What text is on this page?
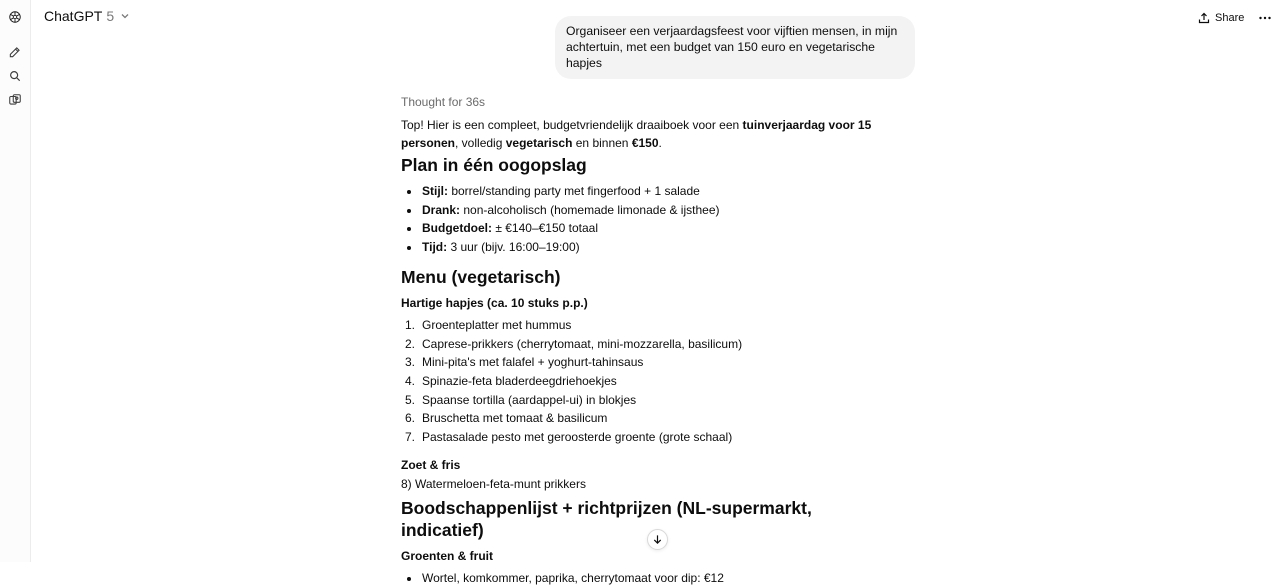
ChatGPT 5	Share
Organiseer een verjaardagsfeest voor vijftien mensen, in mijn achtertuin, met een budget van 150 euro en vegetarische hapjes
Thought for 36s

Top! Hier is een compleet, budgetvriendelijk draaiboek voor een tuinverjaardag voor 15 personen, volledig vegetarisch en binnen €150.

Plan in één oogopslag
Stijl: borrel/standing party met fingerfood + 1 salade
Drank: non-alcoholisch (homemade limonade & ijsthee)
Budgetdoel: ± €140–€150 totaal
Tijd: 3 uur (bijv. 16:00–19:00)
Menu (vegetarisch)
Hartige hapjes (ca. 10 stuks p.p.)
1. Groenteplatter met hummus
2. Caprese-prikkers (cherrytomaat, mini-mozzarella, basilicum)
3. Mini-pita's met falafel + yoghurt-tahinsaus
4. Spinazie-feta bladerdeegdriehoekjes
5. Spaanse tortilla (aardappel-ui) in blokjes
6. Bruschetta met tomaat & basilicum
7. Pastasalade pesto met geroosterde groente (grote schaal)
Zoet & fris

8) Watermeloen-feta-munt prikkers

Boodschappenlijst + richtprijzen (NL-supermarkt, indicatief)
Groenten & fruit
Wortel, komkommer, paprika, cherrytomaat voor dip: €12
